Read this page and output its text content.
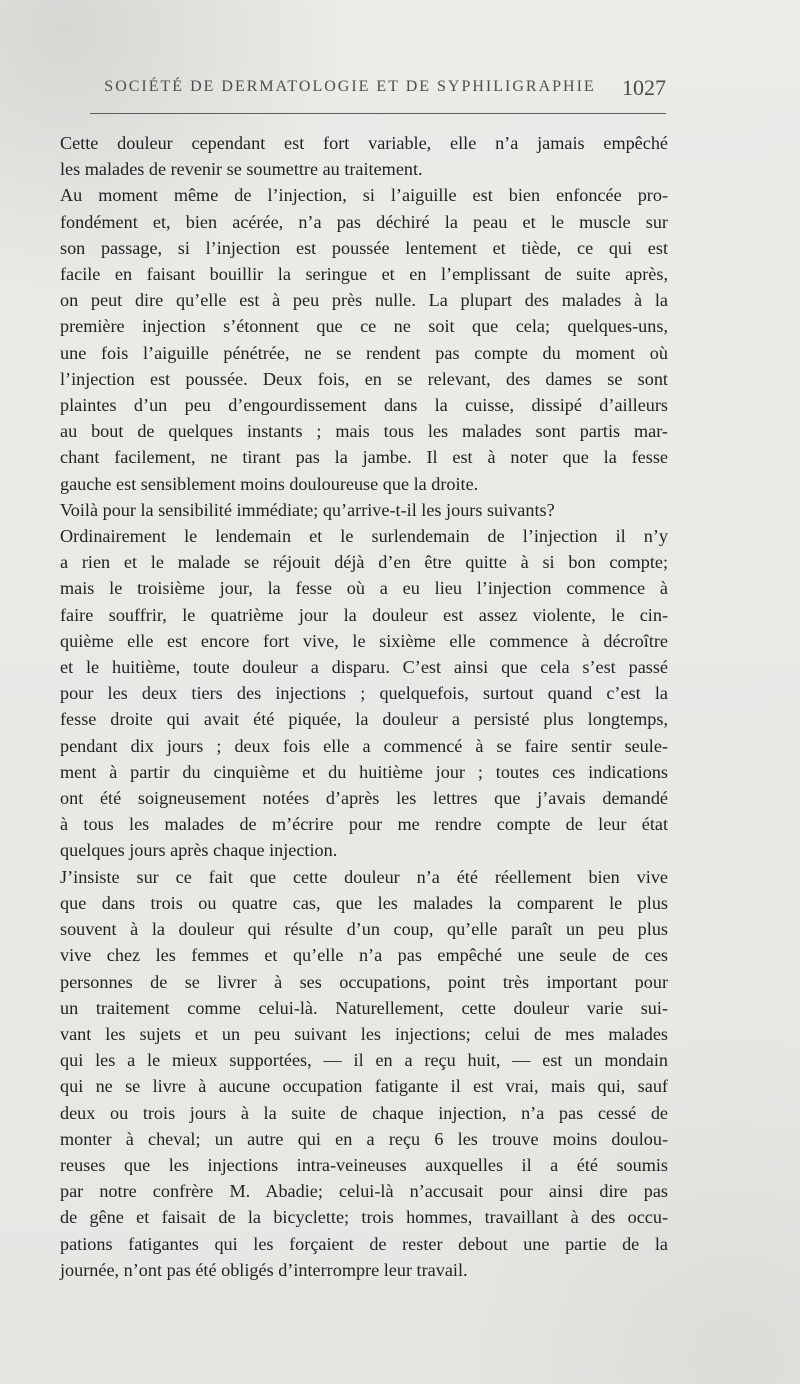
SOCIÉTÉ DE DERMATOLOGIE ET DE SYPHILIGRAPHIE	1027

Cette douleur cependant est fort variable, elle n’a jamais empêché
les malades de revenir se soumettre au traitement.

Au moment même de l’injection, si l’aiguille est bien enfoncée pro-
fondément et, bien acérée, n’a pas déchiré la peau et le muscle sur
son passage, si l’injection est poussée lentement et tiède, ce qui est
facile en faisant bouillir la seringue et en l’emplissant de suite après,
on peut dire qu’elle est à peu près nulle. La plupart des malades à la
première injection s’étonnent que ce ne soit que cela; quelques-uns,
une fois l’aiguille pénétrée, ne se rendent pas compte du moment où
l’injection est poussée. Deux fois, en se relevant, des dames se sont
plaintes d’un peu d’engourdissement dans la cuisse, dissipé d’ailleurs
au bout de quelques instants ; mais tous les malades sont partis mar-
chant facilement, ne tirant pas la jambe. Il est à noter que la fesse
gauche est sensiblement moins douloureuse que la droite.

Voilà pour la sensibilité immédiate; qu’arrive-t-il les jours suivants?

Ordinairement le lendemain et le surlendemain de l’injection il n’y
a rien et le malade se réjouit déjà d’en être quitte à si bon compte;
mais le troisième jour, la fesse où a eu lieu l’injection commence à
faire souffrir, le quatrième jour la douleur est assez violente, le cin-
quième elle est encore fort vive, le sixième elle commence à décroître
et le huitième, toute douleur a disparu. C’est ainsi que cela s’est passé
pour les deux tiers des injections ; quelquefois, surtout quand c’est la
fesse droite qui avait été piquée, la douleur a persisté plus longtemps,
pendant dix jours ; deux fois elle a commencé à se faire sentir seule-
ment à partir du cinquième et du huitième jour ; toutes ces indications
ont été soigneusement notées d’après les lettres que j’avais demandé
à tous les malades de m’écrire pour me rendre compte de leur état
quelques jours après chaque injection.

J’insiste sur ce fait que cette douleur n’a été réellement bien vive
que dans trois ou quatre cas, que les malades la comparent le plus
souvent à la douleur qui résulte d’un coup, qu’elle paraît un peu plus
vive chez les femmes et qu’elle n’a pas empêché une seule de ces
personnes de se livrer à ses occupations, point très important pour
un traitement comme celui-là. Naturellement, cette douleur varie sui-
vant les sujets et un peu suivant les injections; celui de mes malades
qui les a le mieux supportées, — il en a reçu huit, — est un mondain
qui ne se livre à aucune occupation fatigante il est vrai, mais qui, sauf
deux ou trois jours à la suite de chaque injection, n’a pas cessé de
monter à cheval; un autre qui en a reçu 6 les trouve moins doulou-
reuses que les injections intra-veineuses auxquelles il a été soumis
par notre confrère M. Abadie; celui-là n’accusait pour ainsi dire pas
de gêne et faisait de la bicyclette; trois hommes, travaillant à des occu-
pations fatigantes qui les forçaient de rester debout une partie de la
journée, n’ont pas été obligés d’interrompre leur travail.
